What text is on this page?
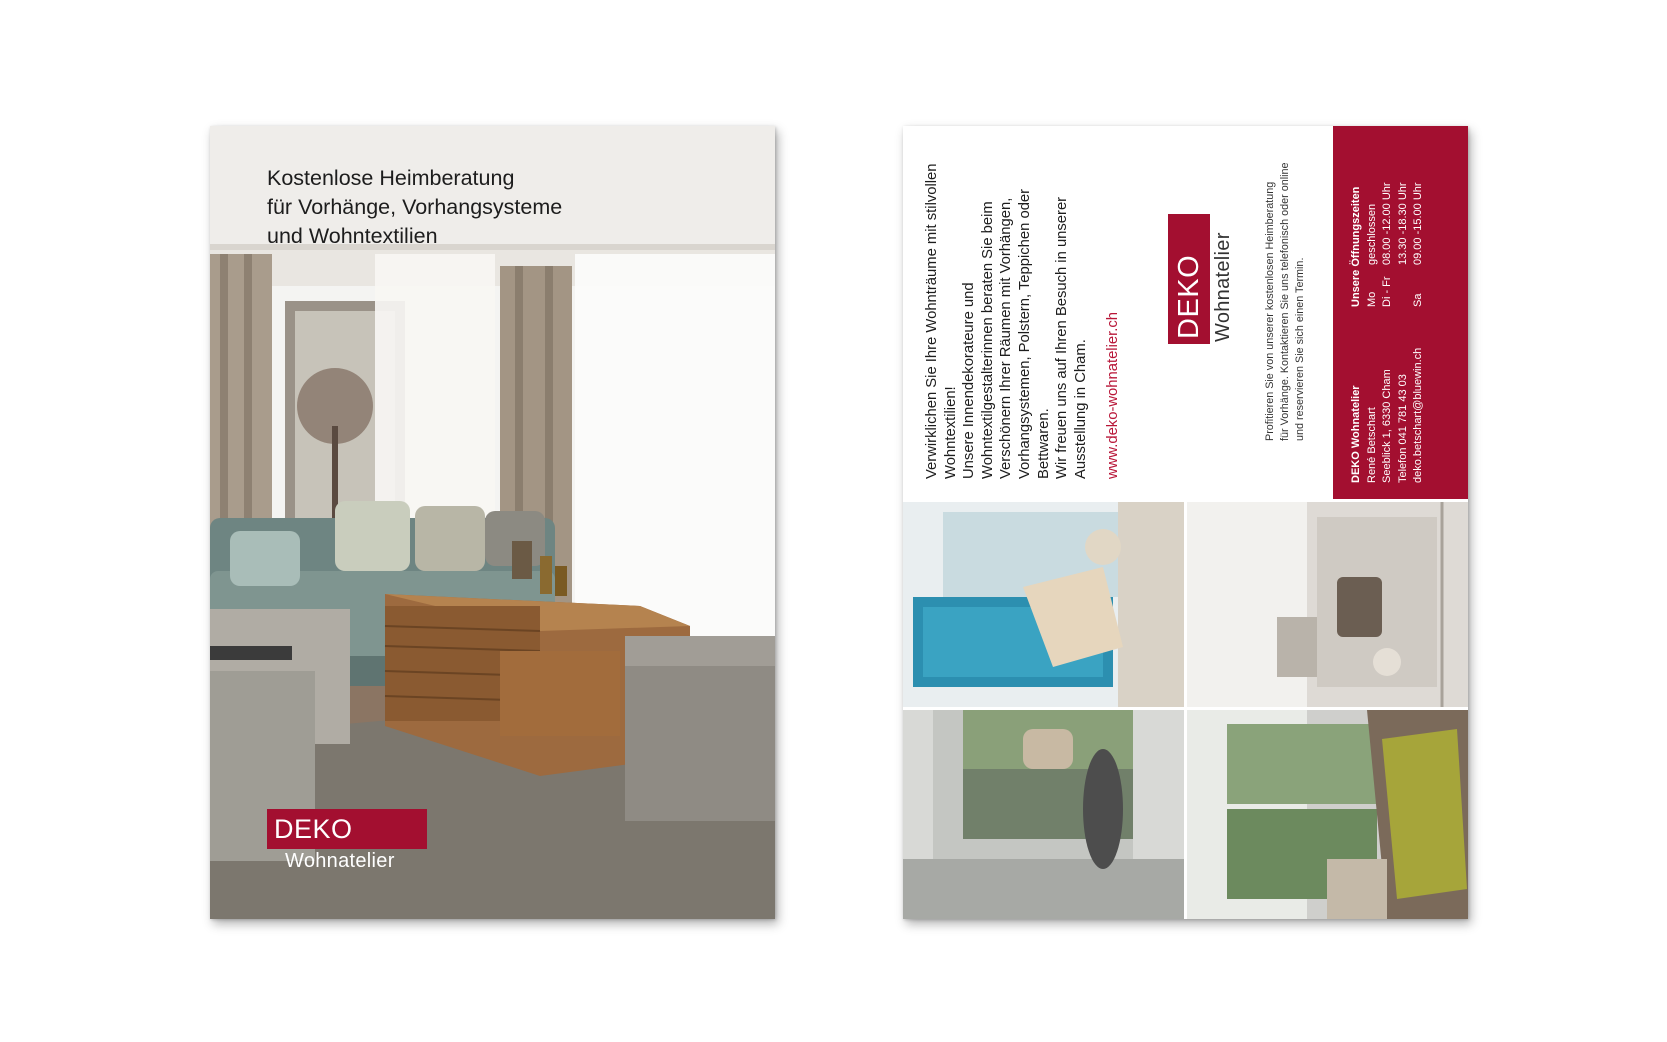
Kostenlose Heimberatung
für Vorhänge, Vorhangsysteme
und Wohntextilien
DEKO
Wohnatelier

Verwirklichen Sie Ihre Wohnträume mit stilvollen Wohntextilien! Unsere Innendekorateure und Wohntextilgestalterinnen beraten Sie beim Verschönern Ihrer Räumen mit Vorhängen, Vorhangsystemen, Polstern, Teppichen oder Bettwaren. Wir freuen uns auf Ihren Besuch in unserer Ausstellung in Cham. www.deko-wohnatelier.ch

DEKO Wohnatelier	Profitieren Sie von unserer kostenlosen Heimberatung für Vorhänge. Kontaktieren Sie uns telefonisch oder online und reservieren Sie sich einen Termin.	DEKO Wohnatelier René Betschart Seeblick 1, 6330 Cham Telefon 041 781 43 03 deko.betschart@bluewin.ch
Unsere Öffnungszeiten Mo
geschlossen
Di - Fr
08.00 -12.00 Uhr 13.30 -18.30 Uhr
Sa
09.00 -15.00 Uhr
